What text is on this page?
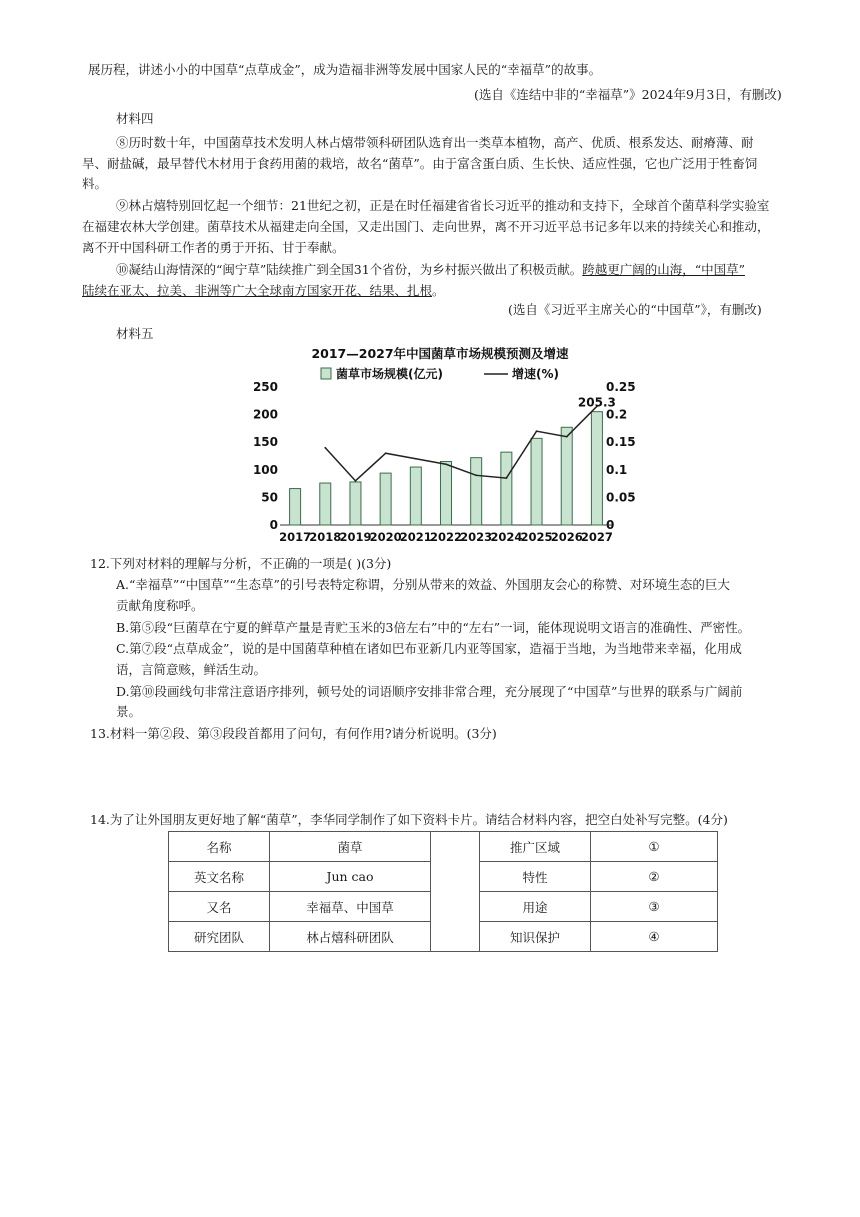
展历程，讲述小小的中国草“点草成金”，成为造福非洲等发展中国家人民的“幸福草”的故事。
(选自《连结中非的“幸福草”》2024年9月3日，有删改)
材料四
⑧历时数十年，中国菌草技术发明人林占熺带领科研团队选育出一类草本植物，高产、优质、根系发达、耐瘠薄、耐
旱、耐盐碱，最早替代木材用于食药用菌的栽培，故名“菌草”。由于富含蛋白质、生长快、适应性强，它也广泛用于牲畜饲
料。
⑨林占熺特别回忆起一个细节：21世纪之初，正是在时任福建省省长习近平的推动和支持下，全球首个菌草科学实验室
在福建农林大学创建。菌草技术从福建走向全国，又走出国门、走向世界，离不开习近平总书记多年以来的持续关心和推动，
离不开中国科研工作者的勇于开拓、甘于奉献。
⑩凝结山海情深的“闽宁草”陆续推广到全国31个省份，为乡村振兴做出了积极贡献。跨越更广阔的山海，“中国草”
陆续在亚太、拉美、非洲等广大全球南方国家开花、结果、扎根。
(选自《习近平主席关心的“中国草”》，有删改)
材料五
2017—2027年中国菌草市场规模预测及增速
菌草市场规模(亿元)	增速(%)
0
50
100
150
200
250
0
0.05
0.1
0.15
0.2
0.25
2017
2018
2019
2020
2021
2022
2023
2024
2025
2026
2027
205.3
12.下列对材料的理解与分析，不正确的一项是( )(3分)
A.“幸福草”“中国草”“生态草”的引号表特定称谓，分别从带来的效益、外国朋友会心的称赞、对环境生态的巨大
贡献角度称呼。
B.第⑤段“巨菌草在宁夏的鲜草产量是青贮玉米的3倍左右”中的“左右”一词，能体现说明文语言的准确性、严密性。
C.第⑦段“点草成金”，说的是中国菌草种植在诸如巴布亚新几内亚等国家，造福于当地，为当地带来幸福，化用成
语，言简意赅，鲜活生动。
D.第⑩段画线句非常注意语序排列，顿号处的词语顺序安排非常合理，充分展现了“中国草”与世界的联系与广阔前
景。
13.材料一第②段、第③段段首都用了问句，有何作用?请分析说明。(3分)
14.为了让外国朋友更好地了解“菌草”，李华同学制作了如下资料卡片。请结合材料内容，把空白处补写完整。(4分)
名称	菌草		推广区域	①
英文名称	Jun cao		特性	②
又名	幸福草、中国草		用途	③
研究团队	林占熺科研团队		知识保护	④
